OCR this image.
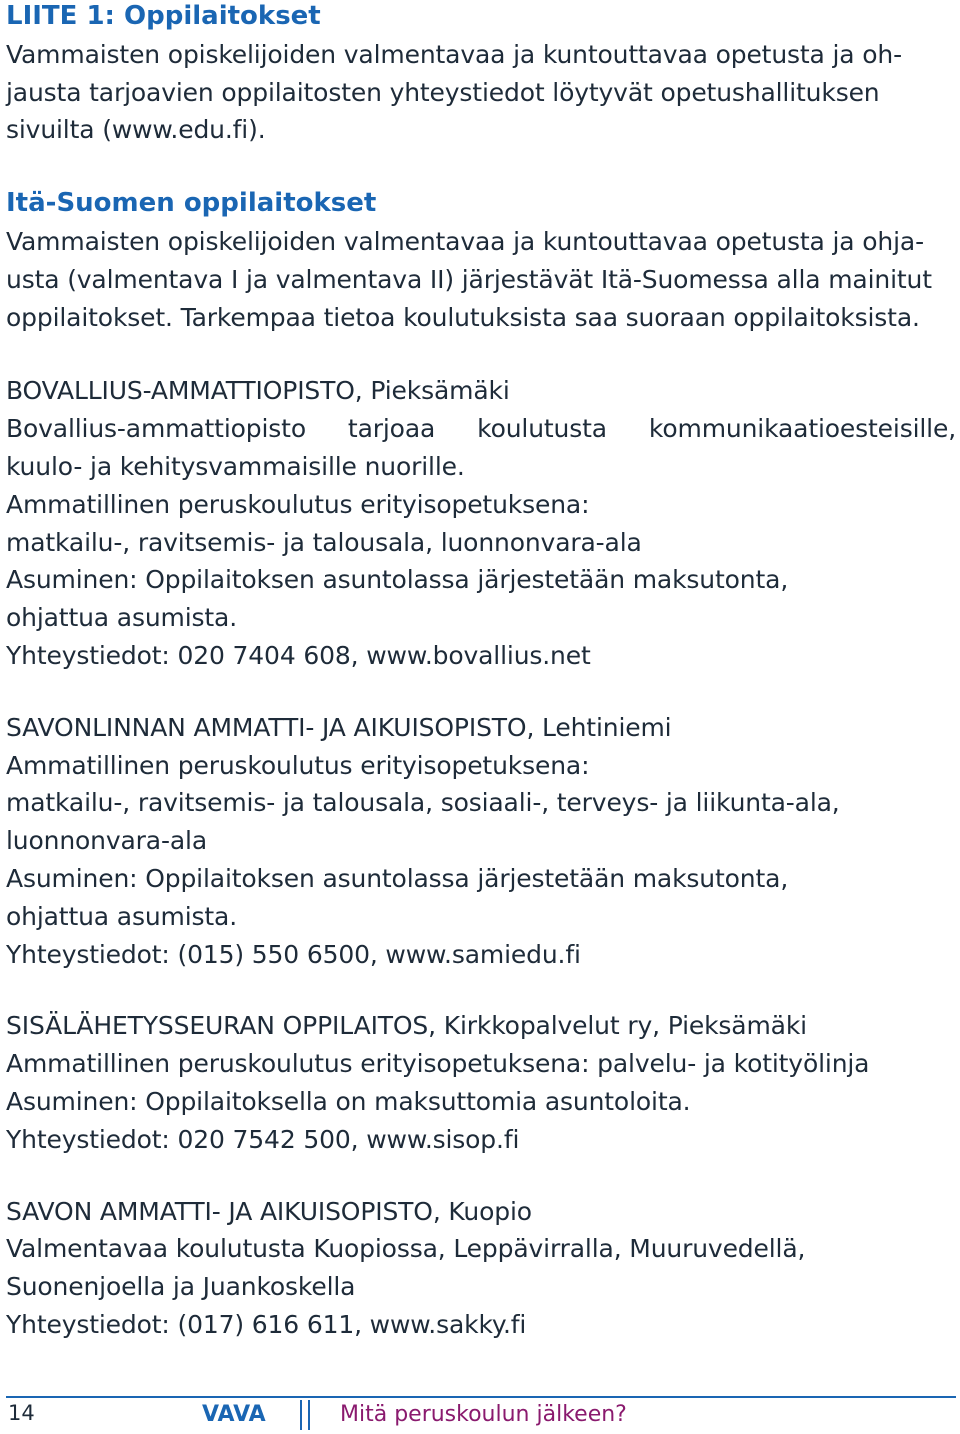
LIITE 1: Oppilaitokset
Vammaisten opiskelijoiden valmentavaa ja kuntouttavaa opetusta ja oh-
jausta tarjoavien oppilaitosten yhteystiedot löytyvät opetushallituksen
sivuilta (www.edu.fi).
Itä-Suomen oppilaitokset
Vammaisten opiskelijoiden valmentavaa ja kuntouttavaa opetusta ja ohja-
usta (valmentava I ja valmentava II) järjestävät Itä-Suomessa alla mainitut
oppilaitokset. Tarkempaa tietoa koulutuksista saa suoraan oppilaitoksista.
BOVALLIUS-AMMATTIOPISTO, Pieksämäki
Bovallius-ammattiopisto tarjoaa koulutusta kommunikaatioesteisille,
kuulo- ja kehitysvammaisille nuorille.
Ammatillinen peruskoulutus erityisopetuksena:
matkailu-, ravitsemis- ja talousala, luonnonvara-ala
Asuminen: Oppilaitoksen asuntolassa järjestetään maksutonta,
ohjattua asumista.
Yhteystiedot: 020 7404 608, www.bovallius.net
SAVONLINNAN AMMATTI- JA AIKUISOPISTO, Lehtiniemi
Ammatillinen peruskoulutus erityisopetuksena:
matkailu-, ravitsemis- ja talousala, sosiaali-, terveys- ja liikunta-ala,
luonnonvara-ala
Asuminen: Oppilaitoksen asuntolassa järjestetään maksutonta,
ohjattua asumista.
Yhteystiedot: (015) 550 6500, www.samiedu.fi
SISÄLÄHETYSSEURAN OPPILAITOS, Kirkkopalvelut ry, Pieksämäki
Ammatillinen peruskoulutus erityisopetuksena: palvelu- ja kotityölinja
Asuminen: Oppilaitoksella on maksuttomia asuntoloita.
Yhteystiedot: 020 7542 500, www.sisop.fi
SAVON AMMATTI- JA AIKUISOPISTO, Kuopio
Valmentavaa koulutusta Kuopiossa, Leppävirralla, Muuruvedellä,
Suonenjoella ja Juankoskella
Yhteystiedot: (017) 616 611, www.sakky.fi
14	VAVA	Mitä peruskoulun jälkeen?
